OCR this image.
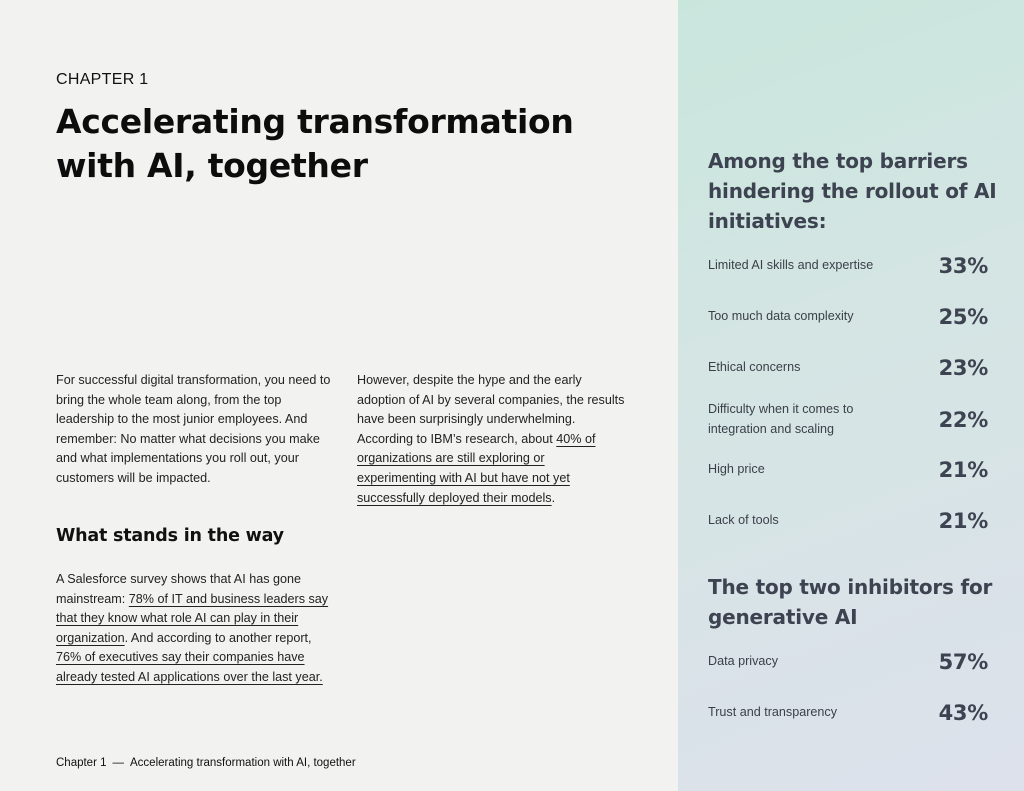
CHAPTER 1
Accelerating transformation with AI, together

For successful digital transformation, you need to bring the whole team along, from the top leadership to the most junior employees. And remember: No matter what decisions you make and what implementations you roll out, your customers will be impacted.

However, despite the hype and the early adoption of AI by several companies, the results have been surprisingly underwhelming. According to IBM’s research, about 40% of organizations are still exploring or experimenting with AI but have not yet successfully deployed their models.

What stands in the way

A Salesforce survey shows that AI has gone mainstream: 78% of IT and business leaders say that they know what role AI can play in their organization. And according to another report, 76% of executives say their companies have already tested AI applications over the last year.

Chapter 1 — Accelerating transformation with AI, together
Among the top barriers hindering the rollout of AI initiatives:
Limited AI skills and expertise	33%
Too much data complexity	25%
Ethical concerns	23%
Difficulty when it comes to integration and scaling	22%
High price	21%
Lack of tools	21%
The top two inhibitors for generative AI
Data privacy	57%
Trust and transparency	43%
